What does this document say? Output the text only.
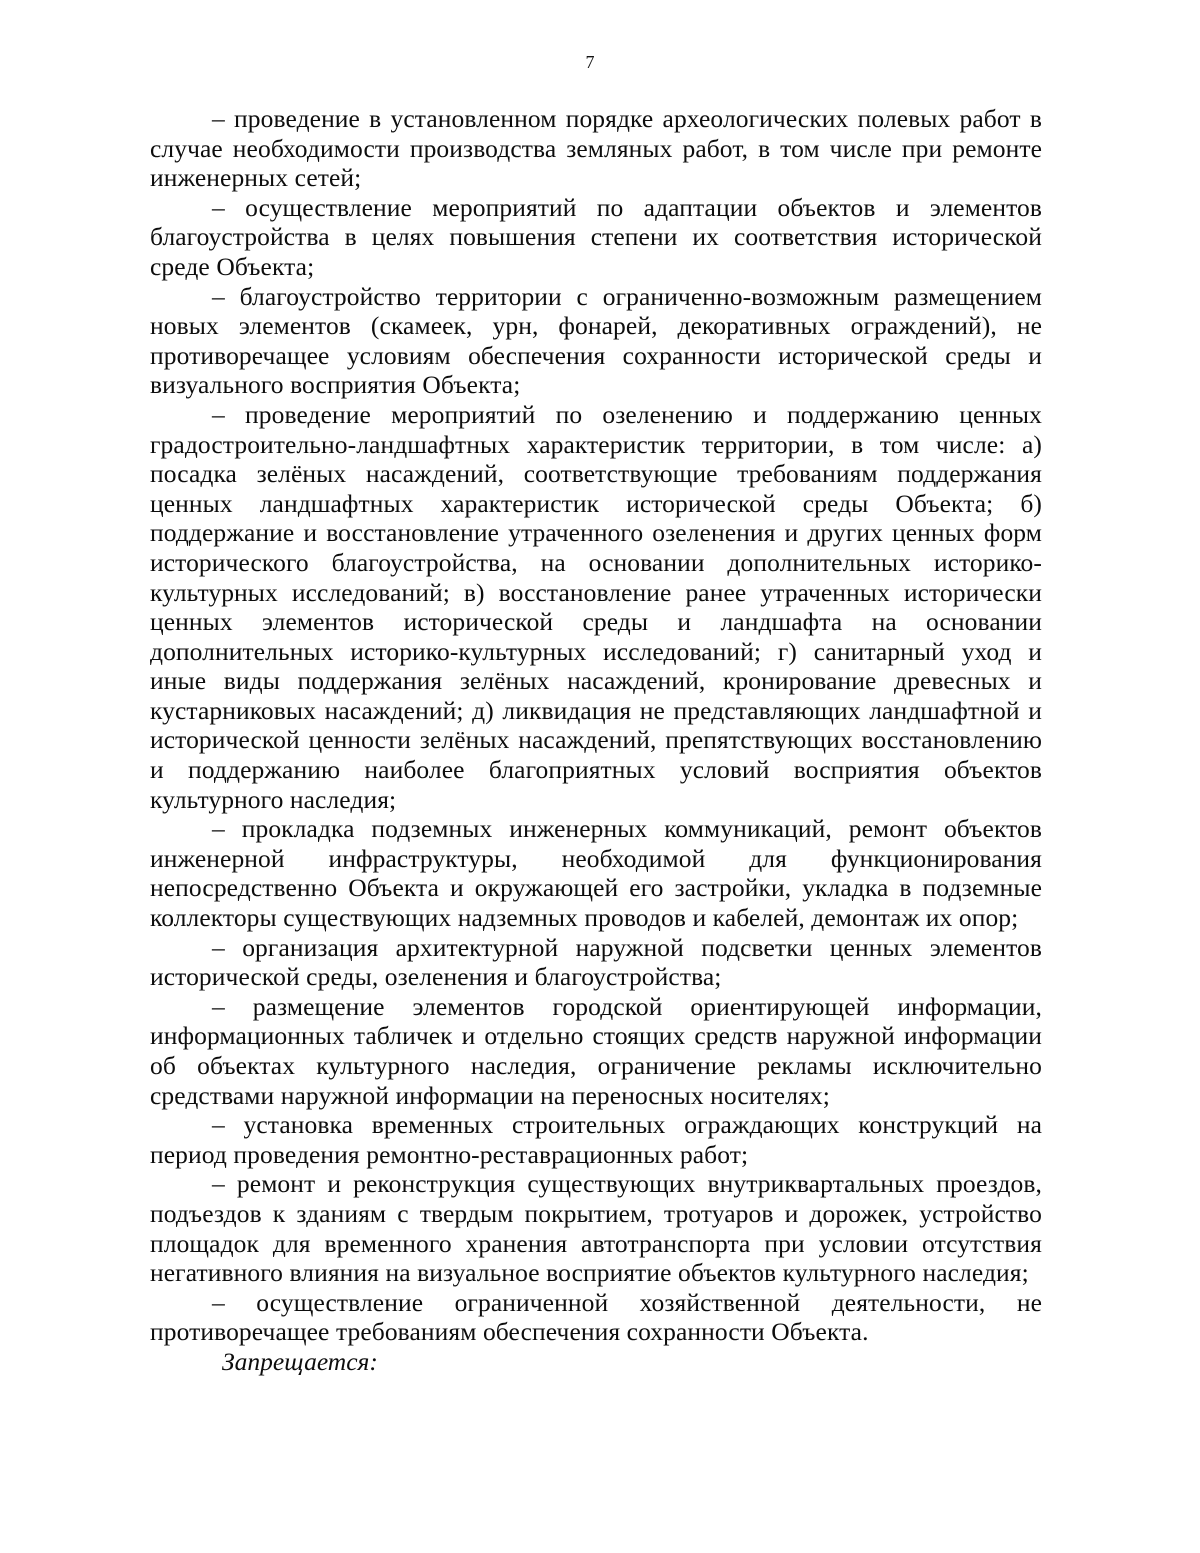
7

– проведение в установленном порядке археологических полевых работ в случае необходимости производства земляных работ, в том числе при ремонте инженерных сетей;

– осуществление мероприятий по адаптации объектов и элементов благоустройства в целях повышения степени их соответствия исторической среде Объекта;

– благоустройство территории с ограниченно-возможным размещением новых элементов (скамеек, урн, фонарей, декоративных ограждений), не противоречащее условиям обеспечения сохранности исторической среды и визуального восприятия Объекта;

– проведение мероприятий по озеленению и поддержанию ценных градостроительно-ландшафтных характеристик территории, в том числе: а) посадка зелёных насаждений, соответствующие требованиям поддержания ценных ландшафтных характеристик исторической среды Объекта; б) поддержание и восстановление утраченного озеленения и других ценных форм исторического благоустройства, на основании дополнительных историко-культурных исследований; в) восстановление ранее утраченных исторически ценных элементов исторической среды и ландшафта на основании дополнительных историко-культурных исследований; г) санитарный уход и иные виды поддержания зелёных насаждений, кронирование древесных и кустарниковых насаждений; д) ликвидация не представляющих ландшафтной и исторической ценности зелёных насаждений, препятствующих восстановлению и поддержанию наиболее благоприятных условий восприятия объектов культурного наследия;

– прокладка подземных инженерных коммуникаций, ремонт объектов инженерной инфраструктуры, необходимой для функционирования непосредственно Объекта и окружающей его застройки, укладка в подземные коллекторы существующих надземных проводов и кабелей, демонтаж их опор;

– организация архитектурной наружной подсветки ценных элементов исторической среды, озеленения и благоустройства;

– размещение элементов городской ориентирующей информации, информационных табличек и отдельно стоящих средств наружной информации об объектах культурного наследия, ограничение рекламы исключительно средствами наружной информации на переносных носителях;

– установка временных строительных ограждающих конструкций на период проведения ремонтно-реставрационных работ;

– ремонт и реконструкция существующих внутриквартальных проездов, подъездов к зданиям с твердым покрытием, тротуаров и дорожек, устройство площадок для временного хранения автотранспорта при условии отсутствия негативного влияния на визуальное восприятие объектов культурного наследия;

– осуществление ограниченной хозяйственной деятельности, не противоречащее требованиям обеспечения сохранности Объекта.

Запрещается:
